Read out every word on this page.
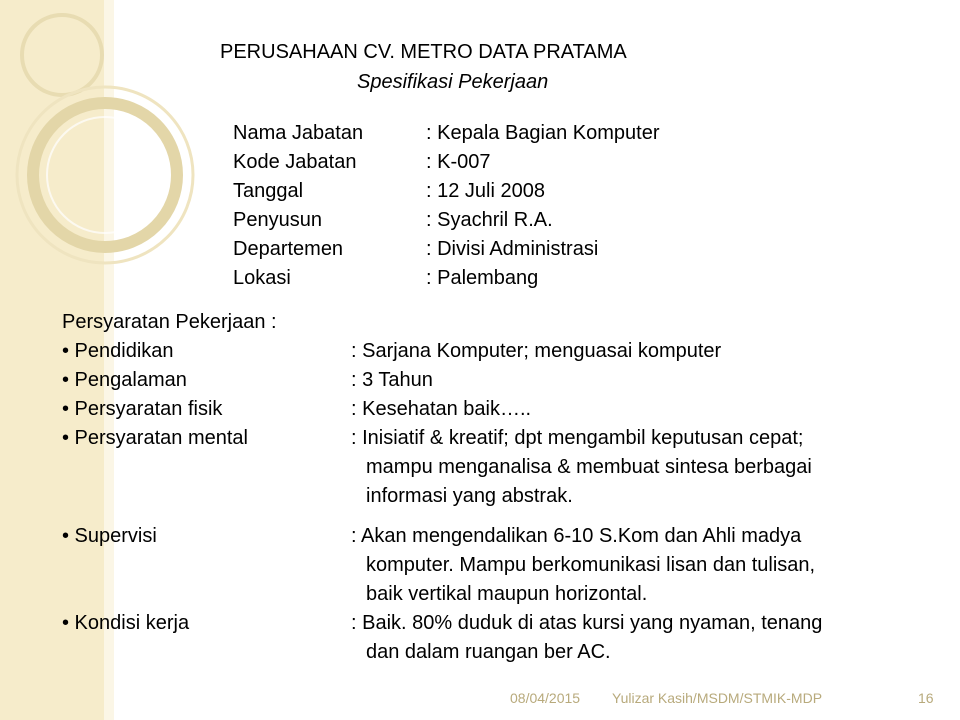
PERUSAHAAN CV. METRO DATA PRATAMA
Spesifikasi Pekerjaan
Nama Jabatan	: Kepala Bagian Komputer
Kode Jabatan	: K-007
Tanggal	: 12 Juli 2008
Penyusun	: Syachril R.A.
Departemen	: Divisi Administrasi
Lokasi	: Palembang
Persyaratan Pekerjaan :
• Pendidikan	: Sarjana Komputer; menguasai komputer
• Pengalaman	: 3 Tahun
• Persyaratan fisik	: Kesehatan baik…..
• Persyaratan mental	: Inisiatif & kreatif; dpt mengambil keputusan cepat;
mampu menganalisa & membuat sintesa berbagai
informasi yang abstrak.
• Supervisi	: Akan mengendalikan 6-10 S.Kom dan Ahli madya
komputer. Mampu berkomunikasi lisan dan tulisan,
baik vertikal maupun horizontal.
• Kondisi kerja	: Baik. 80% duduk di atas kursi yang nyaman, tenang
dan dalam ruangan ber AC.
08/04/2015 Yulizar Kasih/MSDM/STMIK-MDP	16
